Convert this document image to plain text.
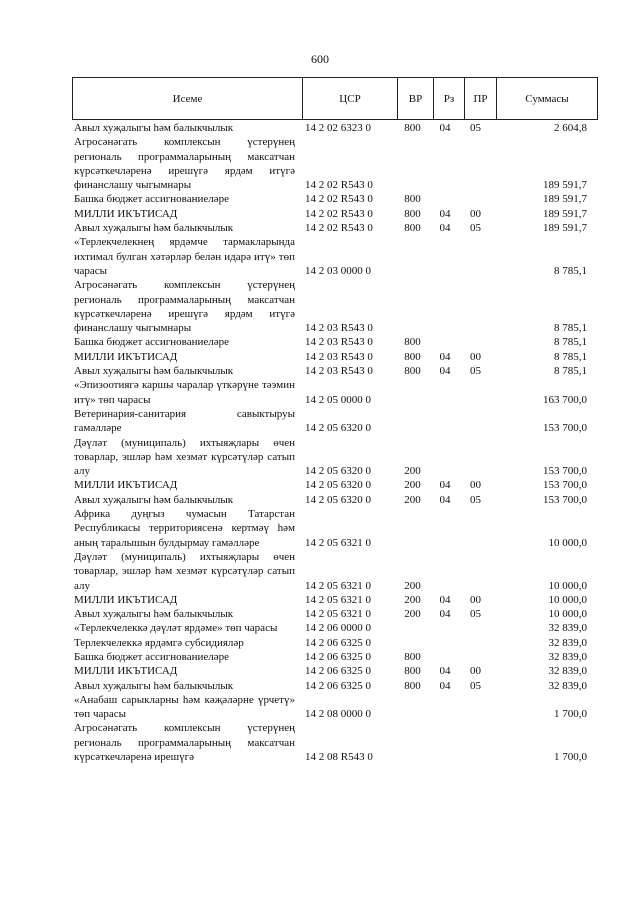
600
Исеме	ЦСР	ВР	Рз	ПР	Суммасы
Авыл хуҗалыгы һәм балыкчылык	14 2 02 6323 0	800	04	05	2 604,8
Агросәнәгать комплексын үстерүнең региональ программаларының максатчан күрсәткечләренә ирешүгә ярдәм итүгә финанслашу чыгымнары	14 2 02 R543 0	189 591,7
Башка бюджет ассигнованиеләре	14 2 02 R543 0	800	189 591,7
МИЛЛИ ИКЪТИСАД	14 2 02 R543 0	800	04	00	189 591,7
Авыл хуҗалыгы һәм балыкчылык	14 2 02 R543 0	800	04	05	189 591,7
«Терлекчелекнең ярдәмче тармакларында ихтимал булган хәтәрләр белән идарә итү» төп чарасы	14 2 03 0000 0	8 785,1
Агросәнәгать комплексын үстерүнең региональ программаларының максатчан күрсәткечләренә ирешүгә ярдәм итүгә финанслашу чыгымнары	14 2 03 R543 0	8 785,1
Башка бюджет ассигнованиеләре	14 2 03 R543 0	800	8 785,1
МИЛЛИ ИКЪТИСАД	14 2 03 R543 0	800	04	00	8 785,1
Авыл хуҗалыгы һәм балыкчылык	14 2 03 R543 0	800	04	05	8 785,1
«Эпизоотиягә каршы чаралар үткәрүне тәэмин итү» төп чарасы	14 2 05 0000 0	163 700,0
Ветеринария-санитария савыктыруы гамәлләре	14 2 05 6320 0	153 700,0
Дәүләт (муниципаль) ихтыяҗлары өчен товарлар, эшләр һәм хезмәт күрсәтүләр сатып алу	14 2 05 6320 0	200	153 700,0
МИЛЛИ ИКЪТИСАД	14 2 05 6320 0	200	04	00	153 700,0
Авыл хуҗалыгы һәм балыкчылык	14 2 05 6320 0	200	04	05	153 700,0
Африка дуңгыз чумасын Татарстан Республикасы территориясенә кертмәү һәм аның таралышын булдырмау гамәлләре	14 2 05 6321 0	10 000,0
Дәүләт (муниципаль) ихтыяҗлары өчен товарлар, эшләр һәм хезмәт күрсәтүләр сатып алу	14 2 05 6321 0	200	10 000,0
МИЛЛИ ИКЪТИСАД	14 2 05 6321 0	200	04	00	10 000,0
Авыл хуҗалыгы һәм балыкчылык	14 2 05 6321 0	200	04	05	10 000,0
«Терлекчелеккә дәүләт ярдәме» төп чарасы	14 2 06 0000 0	32 839,0
Терлекчелеккә ярдәмгә субсидияләр	14 2 06 6325 0	32 839,0
Башка бюджет ассигнованиеләре	14 2 06 6325 0	800	32 839,0
МИЛЛИ ИКЪТИСАД	14 2 06 6325 0	800	04	00	32 839,0
Авыл хуҗалыгы һәм балыкчылык	14 2 06 6325 0	800	04	05	32 839,0
«Анабаш сарыкларны һәм кәҗәләрне үрчетү» төп чарасы	14 2 08 0000 0	1 700,0
Агросәнәгать комплексын үстерүнең региональ программаларының максатчан күрсәткечләренә ирешүгә	14 2 08 R543 0	1 700,0
